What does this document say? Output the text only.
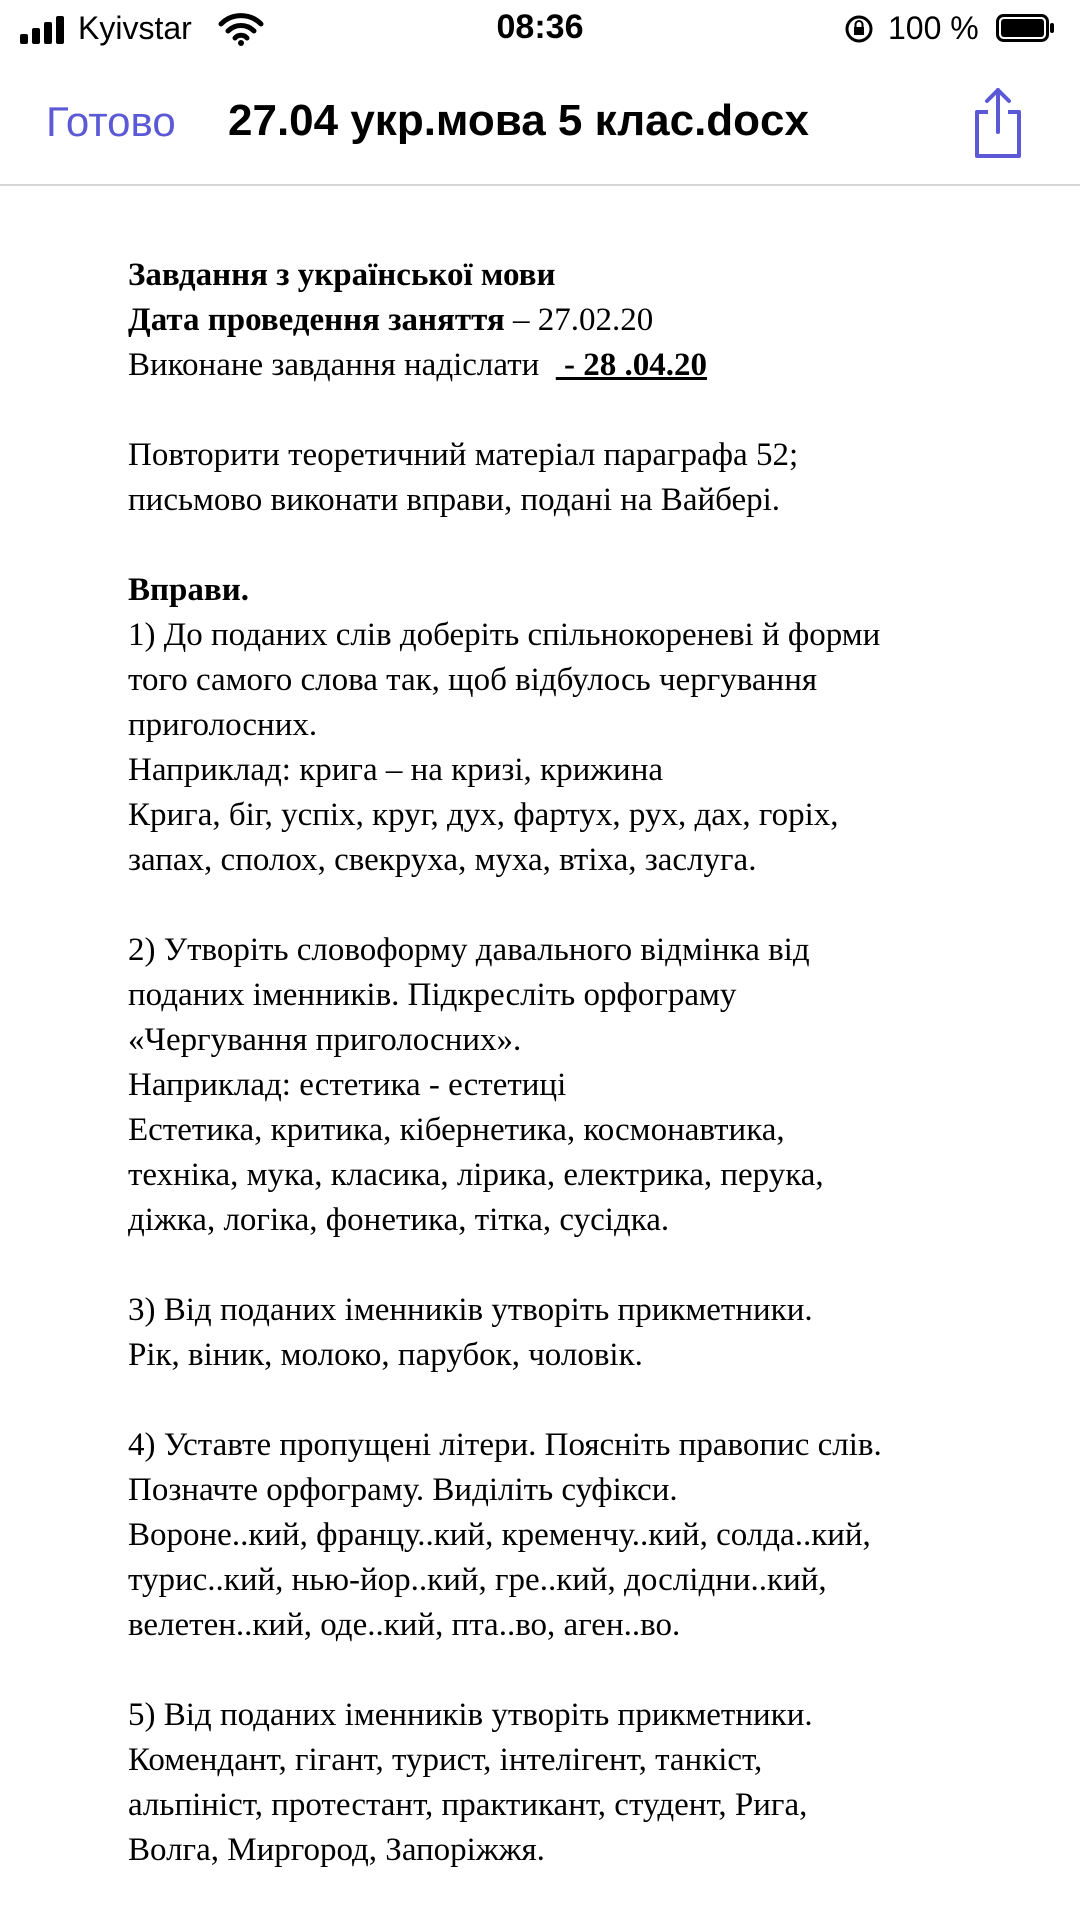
Kyivstar	08:36	100 %
Готово 27.04 укр.мова 5 клас.docx

Завдання з української мови

Дата проведення заняття – 27.02.20

Виконане завдання надіслати   - 28 .04.20

Повторити теоретичний матеріал параграфа 52;

письмово виконати вправи, подані на Вайбері.

Вправи.

1) До поданих слів доберіть спільнокореневі й форми

того самого слова так, щоб відбулось чергування

приголосних.

Наприклад: крига – на кризі, крижина

Крига, біг, успіх, круг, дух, фартух, рух, дах, горіх,

запах, сполох, свекруха, муха, втіха, заслуга.

2) Утворіть словоформу давального відмінка від

поданих іменників. Підкресліть орфограму

«Чергування приголосних».

Наприклад: естетика - естетиці

Естетика, критика, кібернетика, космонавтика,

техніка, мука, класика, лірика, електрика, перука,

діжка, логіка, фонетика, тітка, сусідка.

3) Від поданих іменників утворіть прикметники.

Рік, віник, молоко, парубок, чоловік.

4) Уставте пропущені літери. Поясніть правопис слів.

Позначте орфограму. Виділіть суфікси.

Вороне..кий, францу..кий, кременчу..кий, солда..кий,

турис..кий, нью-йор..кий, гре..кий, дослідни..кий,

велетен..кий, оде..кий, пта..во, аген..во.

5) Від поданих іменників утворіть прикметники.

Комендант, гігант, турист, інтелігент, танкіст,

альпініст, протестант, практикант, студент, Рига,

Волга, Миргород, Запоріжжя.
